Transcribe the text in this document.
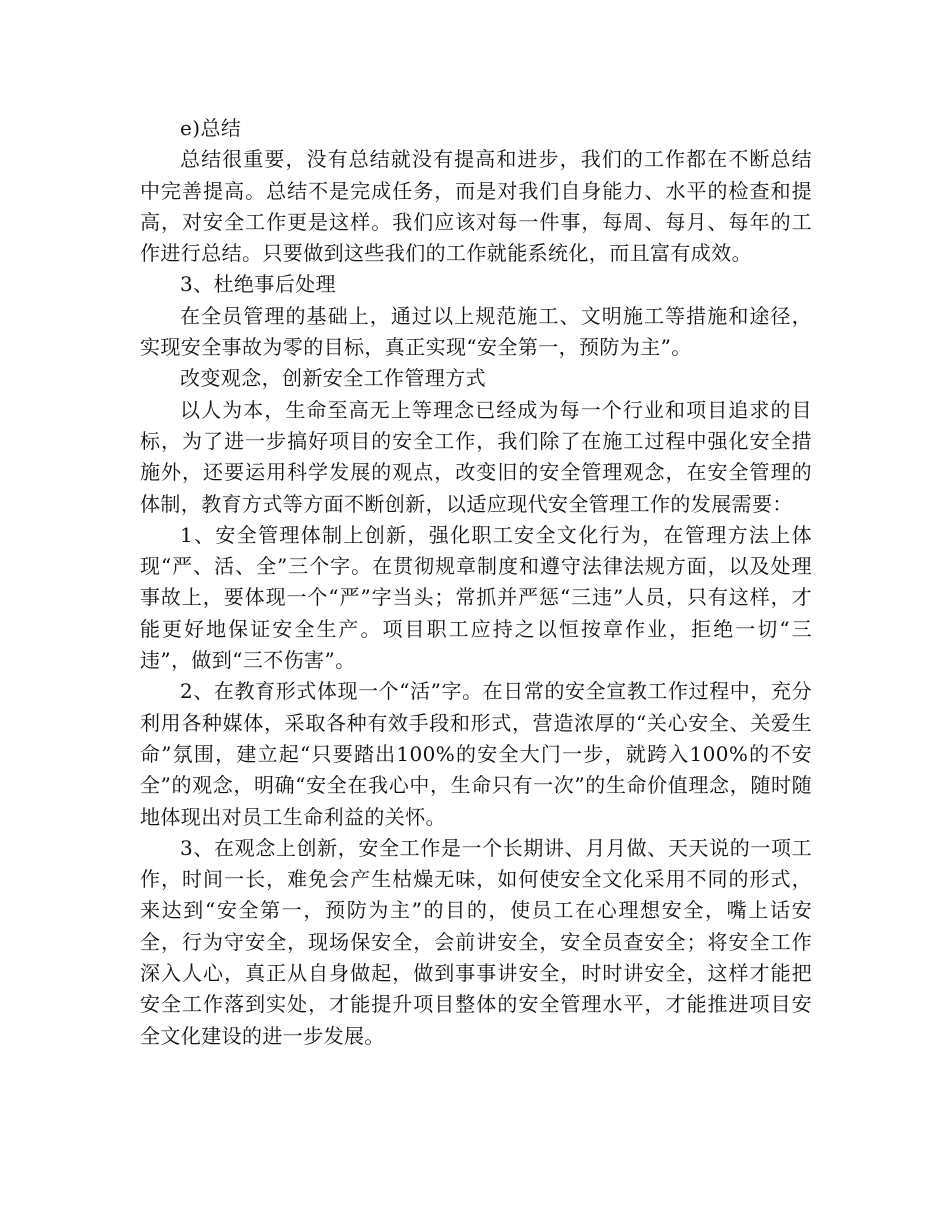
e)总结

总结很重要，没有总结就没有提高和进步，我们的工作都在不断总结中完善提高。总结不是完成任务，而是对我们自身能力、水平的检查和提高，对安全工作更是这样。我们应该对每一件事，每周、每月、每年的工作进行总结。只要做到这些我们的工作就能系统化，而且富有成效。

3、杜绝事后处理

在全员管理的基础上，通过以上规范施工、文明施工等措施和途径，实现安全事故为零的目标，真正实现“安全第一，预防为主”。

改变观念，创新安全工作管理方式

以人为本，生命至高无上等理念已经成为每一个行业和项目追求的目标，为了进一步搞好项目的安全工作，我们除了在施工过程中强化安全措施外，还要运用科学发展的观点，改变旧的安全管理观念，在安全管理的体制，教育方式等方面不断创新，以适应现代安全管理工作的发展需要：

1、安全管理体制上创新，强化职工安全文化行为，在管理方法上体现“严、活、全”三个字。在贯彻规章制度和遵守法律法规方面，以及处理事故上，要体现一个“严”字当头；常抓并严惩“三违”人员，只有这样，才能更好地保证安全生产。项目职工应持之以恒按章作业，拒绝一切“三违”，做到“三不伤害”。

2、在教育形式体现一个“活”字。在日常的安全宣教工作过程中，充分利用各种媒体，采取各种有效手段和形式，营造浓厚的“关心安全、关爱生命”氛围，建立起“只要踏出100%的安全大门一步，就跨入100%的不安全”的观念，明确“安全在我心中，生命只有一次”的生命价值理念，随时随地体现出对员工生命利益的关怀。

3、在观念上创新，安全工作是一个长期讲、月月做、天天说的一项工作，时间一长，难免会产生枯燥无味，如何使安全文化采用不同的形式，来达到“安全第一，预防为主”的目的，使员工在心理想安全，嘴上话安全，行为守安全，现场保安全，会前讲安全，安全员查安全；将安全工作深入人心，真正从自身做起，做到事事讲安全，时时讲安全，这样才能把安全工作落到实处，才能提升项目整体的安全管理水平，才能推进项目安全文化建设的进一步发展。
